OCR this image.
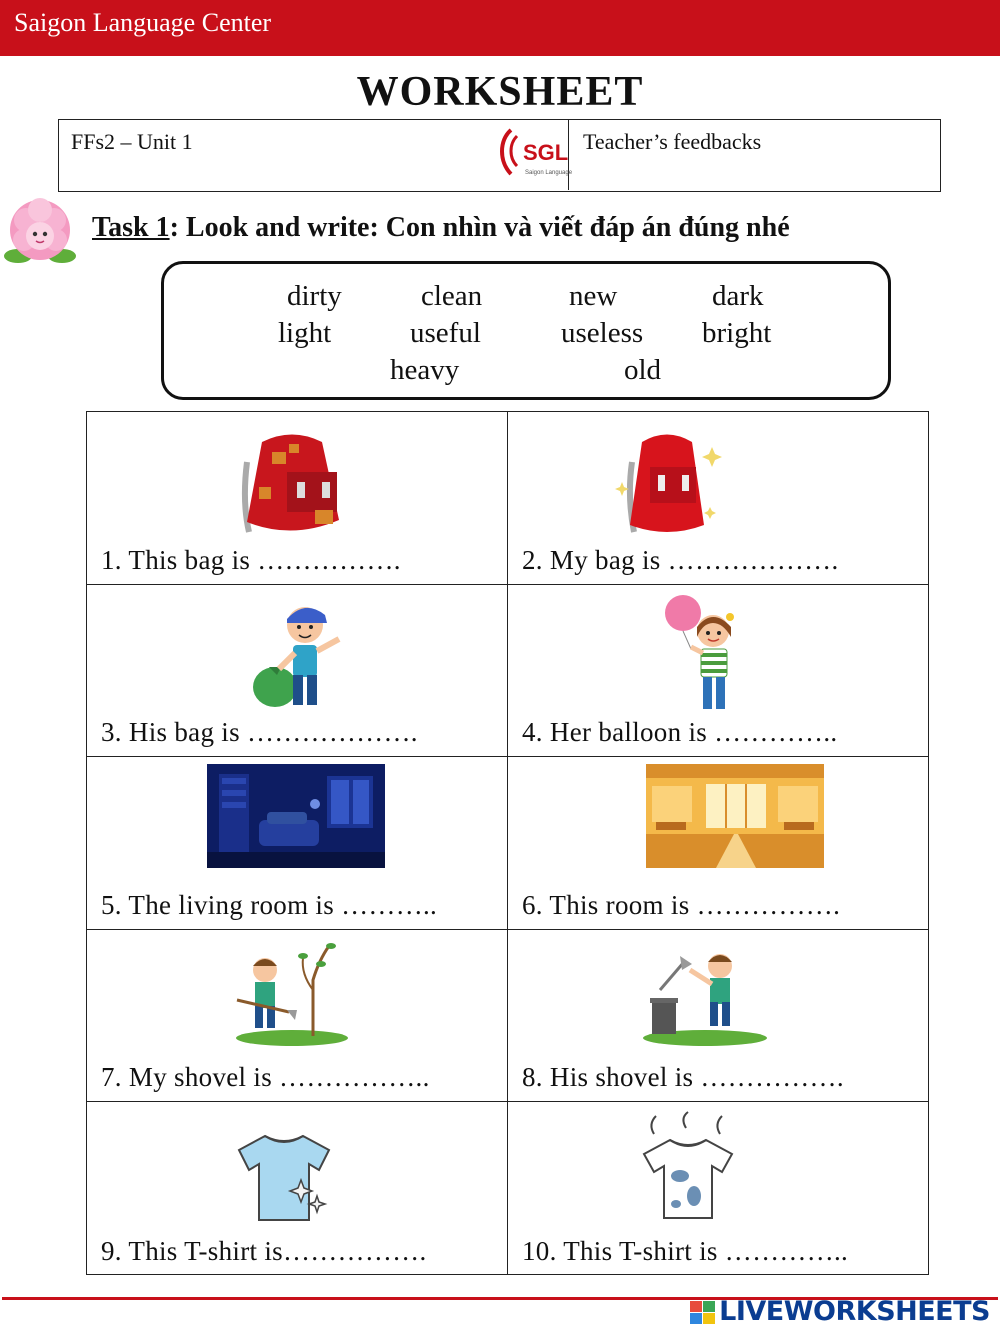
Saigon Language Center
WORKSHEET
FFs2 – Unit 1	SGL
Saigon Language
Teacher’s feedbacks
Task 1: Look and write: Con nhìn và viết đáp án đúng nhé
dirty	clean	new	dark
light	useful	useless bright
heavy	old
1. This bag is …………….	2. My bag is ……………….
3. His bag is ……………….	4. Her balloon is …………..
5. The living room is ………..	6. This room is …………….
7. My shovel is ……………..	8. His shovel is …………….
9. This T-shirt is…………….	10. This T-shirt is …………..
LIVEWORKSHEETS
